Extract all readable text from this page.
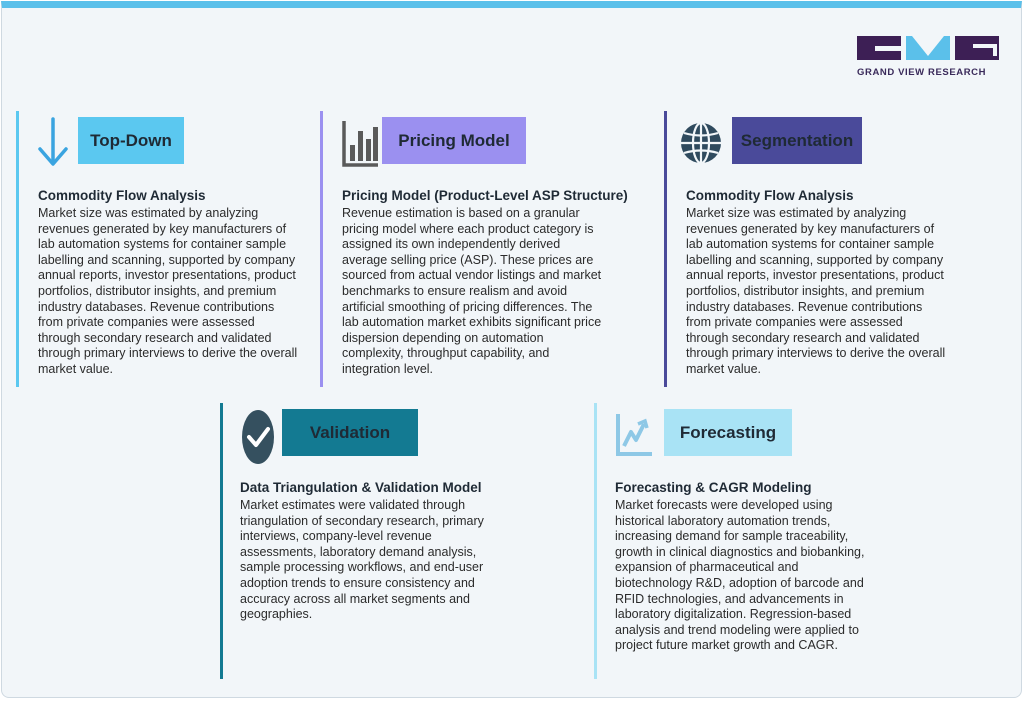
GRAND VIEW RESEARCH
Top-Down
Commodity Flow Analysis
Market size was estimated by analyzing revenues generated by key manufacturers of lab automation systems for container sample labelling and scanning, supported by company annual reports, investor presentations, product portfolios, distributor insights, and premium industry databases. Revenue contributions from private companies were assessed through secondary research and validated through primary interviews to derive the overall market value.
Pricing Model
Pricing Model (Product-Level ASP Structure)
Revenue estimation is based on a granular pricing model where each product category is assigned its own independently derived average selling price (ASP). These prices are sourced from actual vendor listings and market benchmarks to ensure realism and avoid artificial smoothing of pricing differences. The lab automation market exhibits significant price dispersion depending on automation complexity, throughput capability, and integration level.
Segmentation
Commodity Flow Analysis
Market size was estimated by analyzing revenues generated by key manufacturers of lab automation systems for container sample labelling and scanning, supported by company annual reports, investor presentations, product portfolios, distributor insights, and premium industry databases. Revenue contributions from private companies were assessed through secondary research and validated through primary interviews to derive the overall market value.
Validation
Data Triangulation & Validation Model
Market estimates were validated through triangulation of secondary research, primary interviews, company-level revenue assessments, laboratory demand analysis, sample processing workflows, and end-user adoption trends to ensure consistency and accuracy across all market segments and geographies.
Forecasting
Forecasting & CAGR Modeling
Market forecasts were developed using historical laboratory automation trends, increasing demand for sample traceability, growth in clinical diagnostics and biobanking, expansion of pharmaceutical and biotechnology R&D, adoption of barcode and RFID technologies, and advancements in laboratory digitalization. Regression-based analysis and trend modeling were applied to project future market growth and CAGR.
